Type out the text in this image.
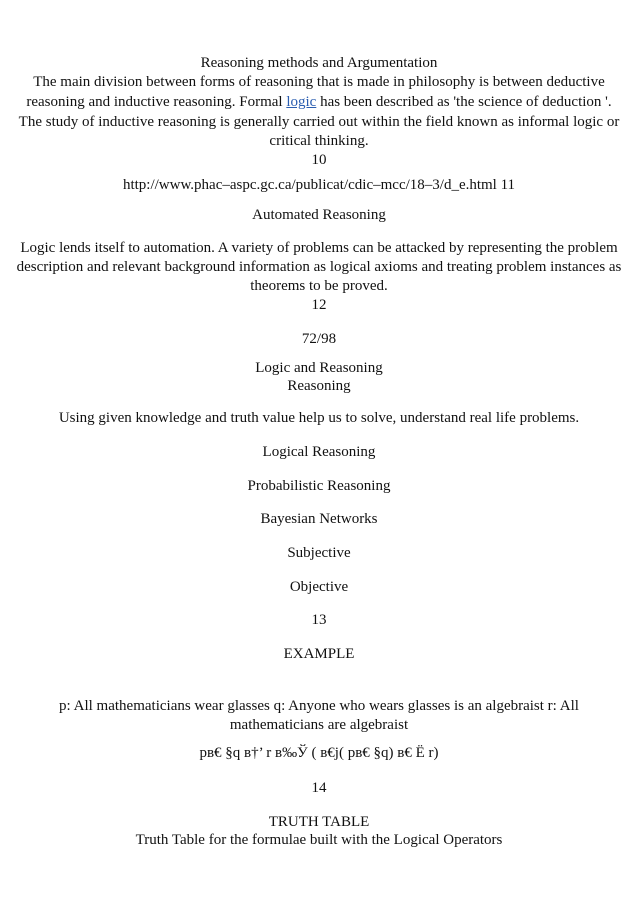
Reasoning methods and Argumentation
The main division between forms of reasoning that is made in philosophy is between deductive
reasoning and inductive reasoning. Formal logic has been described as 'the science of deduction '.
The study of inductive reasoning is generally carried out within the field known as informal logic or
critical thinking.
10
http://www.phac–aspc.gc.ca/publicat/cdic–mcc/18–3/d_e.html 11
Automated Reasoning
Logic lends itself to automation. A variety of problems can be attacked by representing the problem
description and relevant background information as logical axioms and treating problem instances as
theorems to be proved.
12
72/98
Logic and Reasoning
Reasoning
Using given knowledge and truth value help us to solve, understand real life problems.
Logical Reasoning
Probabilistic Reasoning
Bayesian Networks
Subjective
Objective
13
EXAMPLE
p: All mathematicians wear glasses q: Anyone who wears glasses is an algebraist r: All
mathematicians are algebraist
pв€ §q в†’ r в‰Ў ( в€j( pв€ §q) в€ Ё r)
14
TRUTH TABLE
Truth Table for the formulae built with the Logical Operators
